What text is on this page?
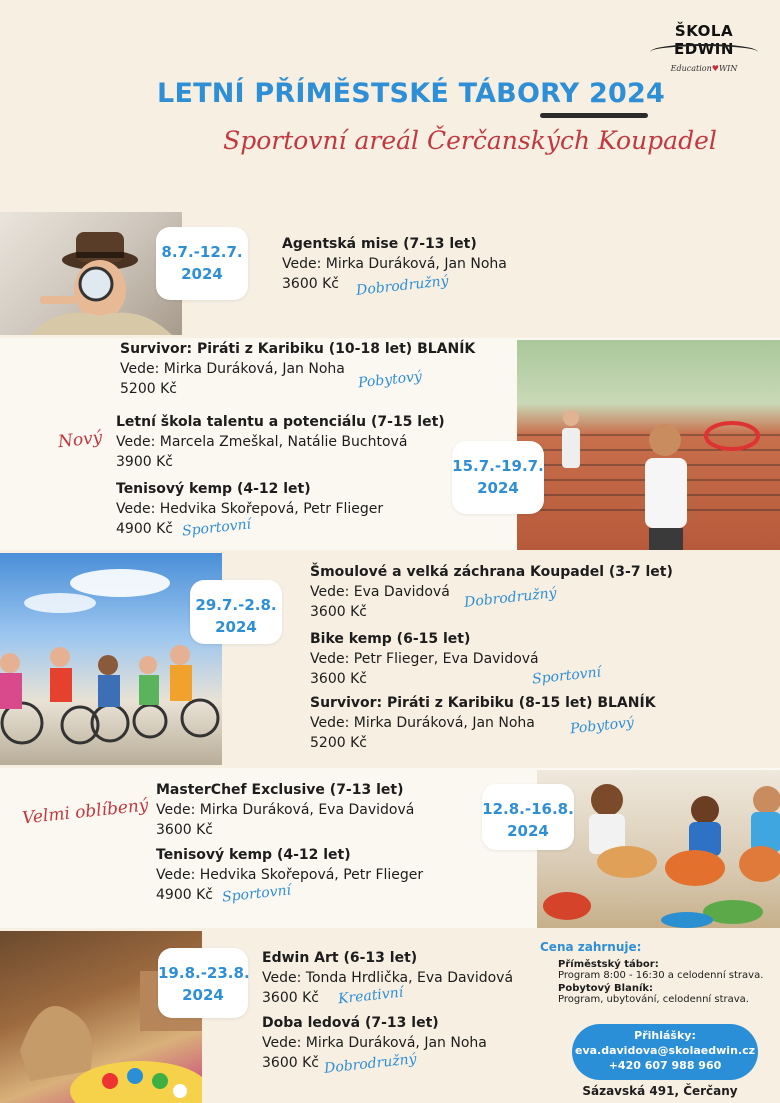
ŠKOLA EDWIN
Education♥WIN
LETNÍ PŘÍMĚSTSKÉ TÁBORY 2024
Sportovní areál Čerčanských Koupadel
8.7.-12.7.
2024
Agentská mise (7-13 let)
Vede: Mirka Duráková, Jan Noha
3600 Kč	Dobrodružný
15.7.-19.7.
2024
Survivor: Piráti z Karibiku (10-18 let) BLANÍK
Vede: Mirka Duráková, Jan Noha
5200 Kč	Pobytový
Letní škola talentu a potenciálu (7-15 let)
Vede: Marcela Zmeškal, Natálie Buchtová
3900 Kč
Nový
Tenisový kemp (4-12 let)
Vede: Hedvika Skořepová, Petr Flieger
4900 Kč Sportovní
29.7.-2.8.
2024
Šmoulové a velká záchrana Koupadel (3-7 let)
Vede: Eva Davidová
3600 Kč
Dobrodružný
Bike kemp (6-15 let)
Vede: Petr Flieger, Eva Davidová
3600 Kč	Sportovní
Survivor: Piráti z Karibiku (8-15 let) BLANÍK
Vede: Mirka Duráková, Jan Noha
5200 Kč
Pobytový
12.8.-16.8.
2024
MasterChef Exclusive (7-13 let)
Vede: Mirka Duráková, Eva Davidová
3600 Kč
Velmi oblíbený
Tenisový kemp (4-12 let)
Vede: Hedvika Skořepová, Petr Flieger
4900 Kč Sportovní
19.8.-23.8.
2024
Edwin Art (6-13 let)
Vede: Tonda Hrdlička, Eva Davidová
3600 Kč	Kreativní
Doba ledová (7-13 let)
Vede: Mirka Duráková, Jan Noha
3600 Kč Dobrodružný
Cena zahrnuje:
Příměstský tábor:
Program 8:00 - 16:30 a celodenní strava.
Pobytový Blaník:
Program, ubytování, celodenní strava.
Přihlášky:
eva.davidova@skolaedwin.cz
+420 607 988 960
Sázavská 491, Čerčany
